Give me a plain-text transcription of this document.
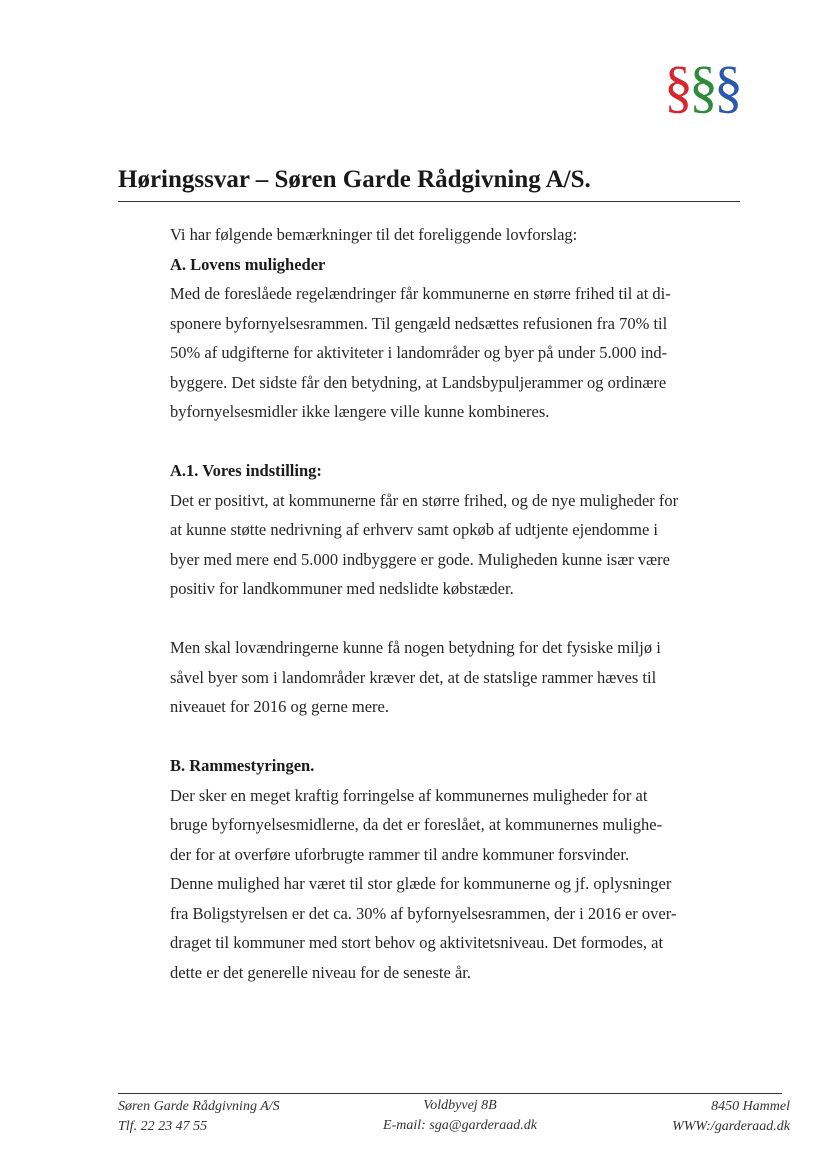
§§§
Høringssvar – Søren Garde Rådgivning A/S.

Vi har følgende bemærkninger til det foreliggende lovforslag:

A. Lovens muligheder

Med de foreslåede regelændringer får kommunerne en større frihed til at di-

sponere byfornyelsesrammen. Til gengæld nedsættes refusionen fra 70% til

50% af udgifterne for aktiviteter i landområder og byer på under 5.000 ind-

byggere. Det sidste får den betydning, at Landsbypuljerammer og ordinære

byfornyelsesmidler ikke længere ville kunne kombineres.

A.1. Vores indstilling:

Det er positivt, at kommunerne får en større frihed, og de nye muligheder for

at kunne støtte nedrivning af erhverv samt opkøb af udtjente ejendomme i

byer med mere end 5.000 indbyggere er gode. Muligheden kunne især være

positiv for landkommuner med nedslidte købstæder.

Men skal lovændringerne kunne få nogen betydning for det fysiske miljø i

såvel byer som i landområder kræver det, at de statslige rammer hæves til

niveauet for 2016 og gerne mere.

B. Rammestyringen.

Der sker en meget kraftig forringelse af kommunernes muligheder for at

bruge byfornyelsesmidlerne, da det er foreslået, at kommunernes mulighe-

der for at overføre uforbrugte rammer til andre kommuner forsvinder.

Denne mulighed har været til stor glæde for kommunerne og jf. oplysninger

fra Boligstyrelsen er det ca. 30% af byfornyelsesrammen, der i 2016 er over-

draget til kommuner med stort behov og aktivitetsniveau. Det formodes, at

dette er det generelle niveau for de seneste år.

Søren Garde Rådgivning A/S
Tlf. 22 23 47 55
Voldbyvej 8B
E-mail: sga@garderaad.dk
8450 Hammel
WWW:/garderaad.dk
